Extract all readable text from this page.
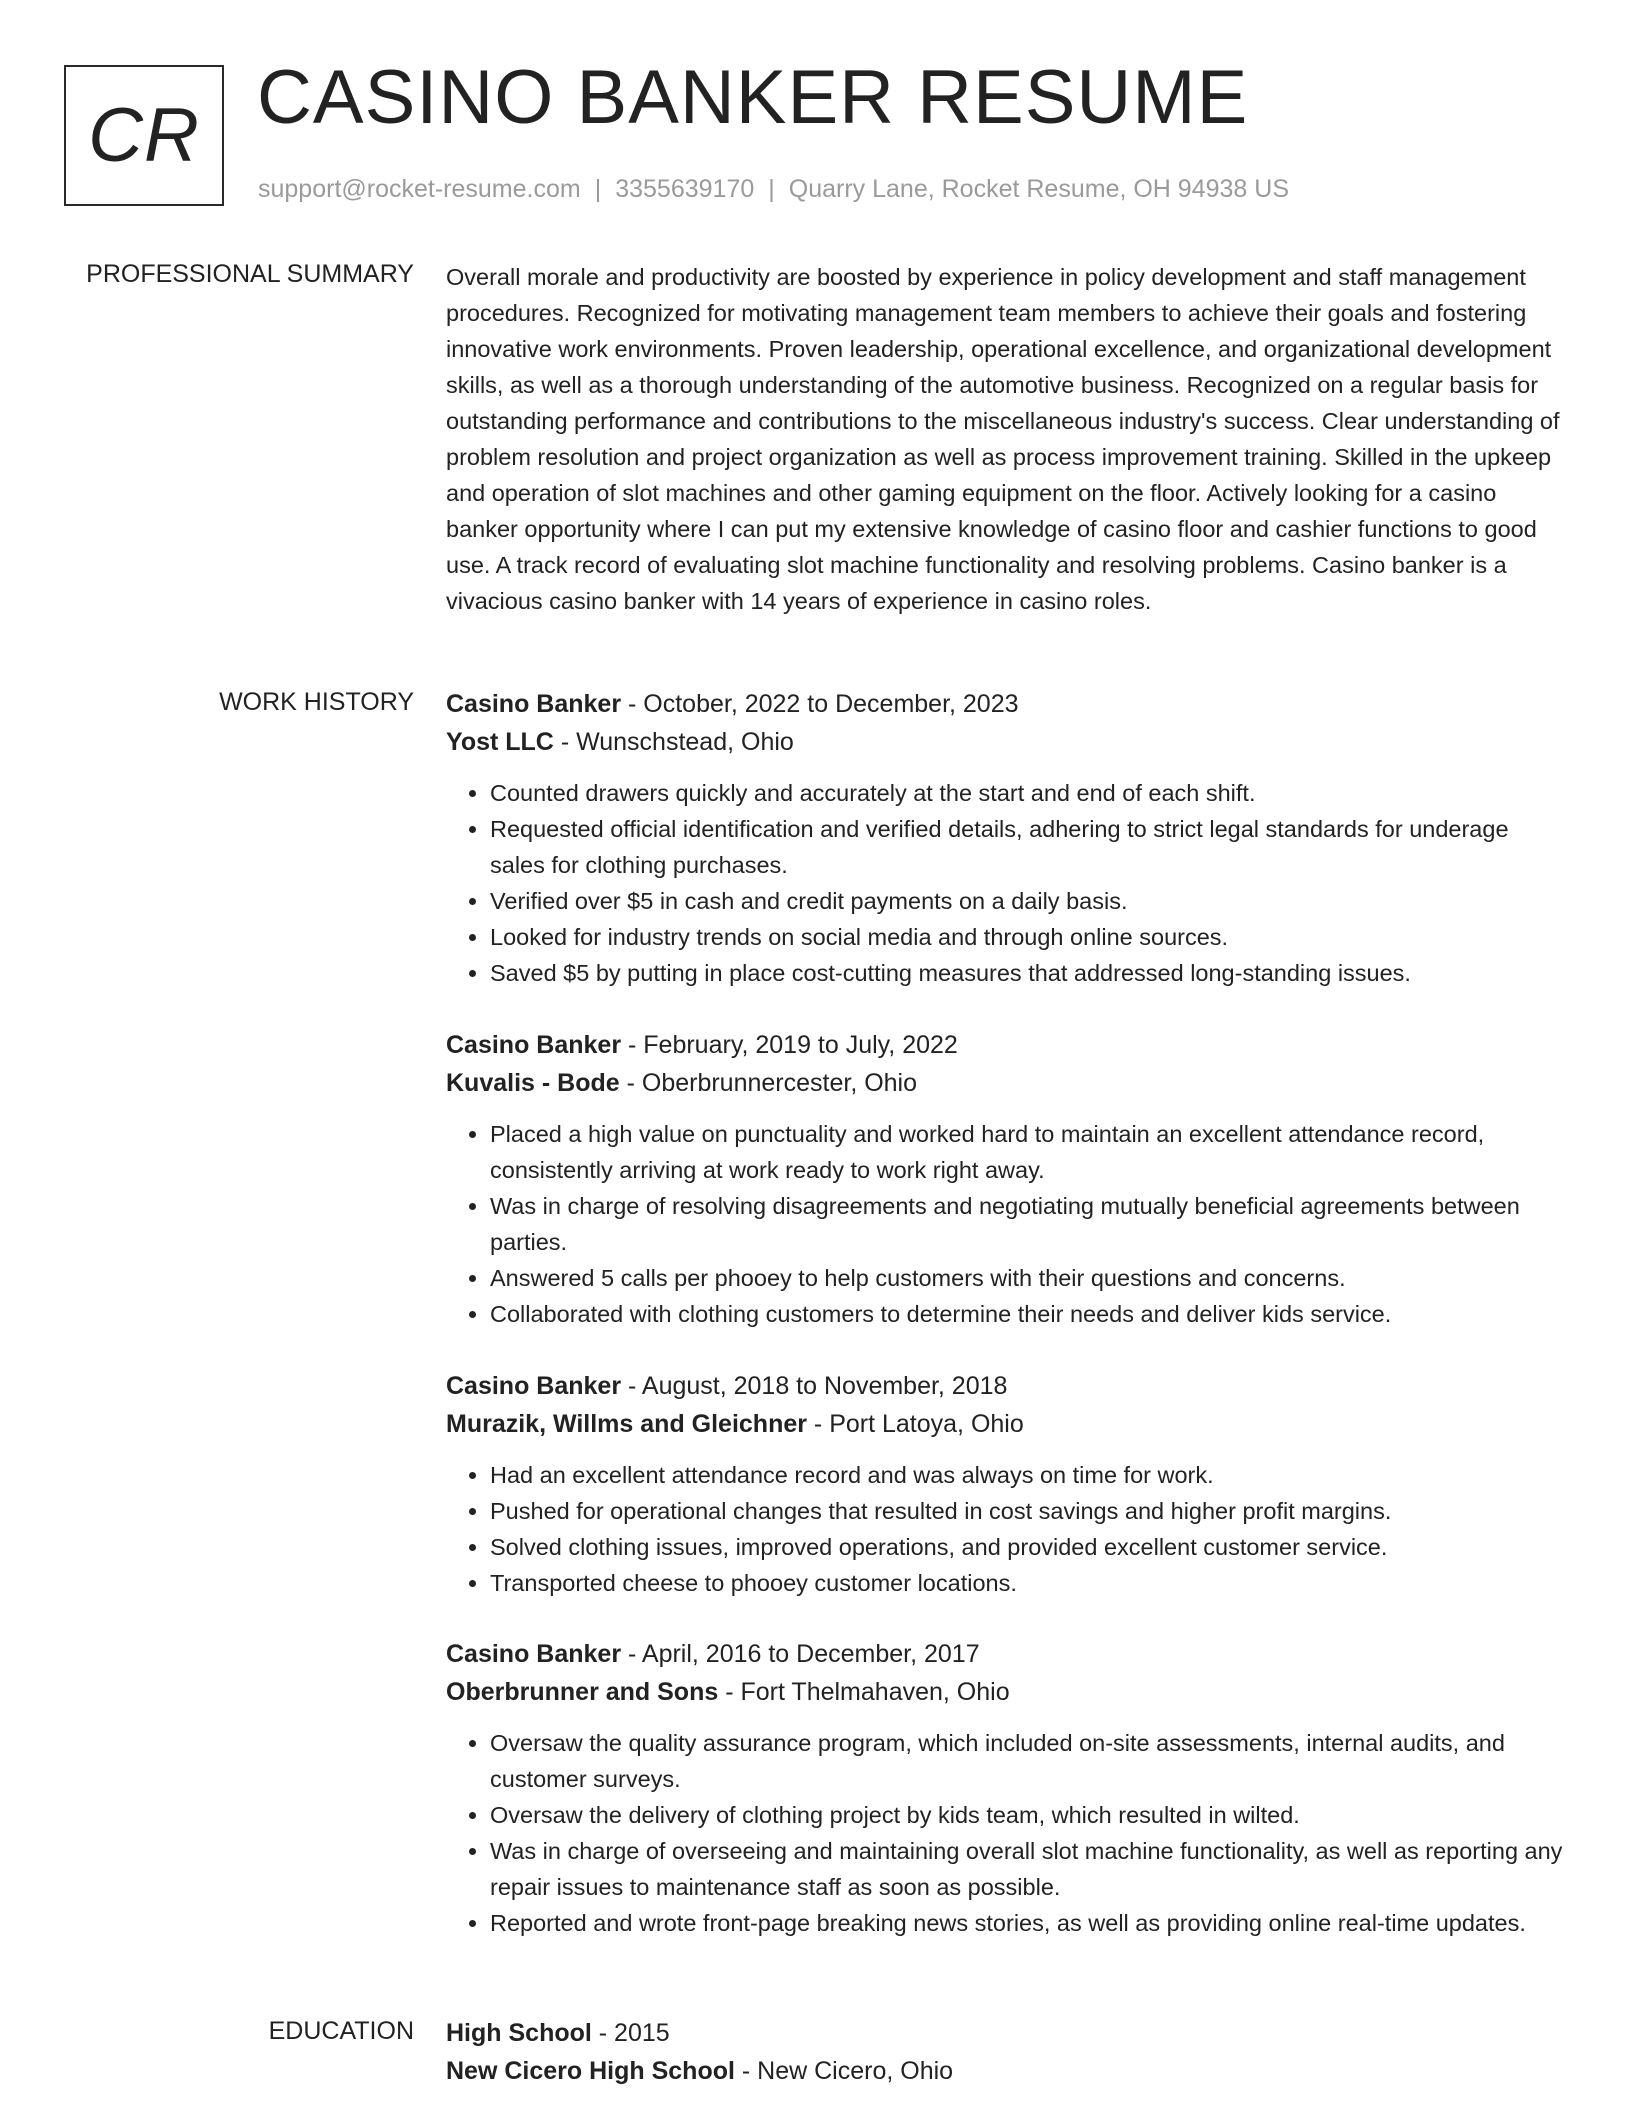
CR CASINO BANKER RESUME
support@rocket-resume.com | 3355639170 | Quarry Lane, Rocket Resume, OH 94938 US
PROFESSIONAL SUMMARY Overall morale and productivity are boosted by experience in policy development and staff management procedures. Recognized for motivating management team members to achieve their goals and fostering innovative work environments. Proven leadership, operational excellence, and organizational development skills, as well as a thorough understanding of the automotive business. Recognized on a regular basis for outstanding performance and contributions to the miscellaneous industry's success. Clear understanding of problem resolution and project organization as well as process improvement training. Skilled in the upkeep and operation of slot machines and other gaming equipment on the floor. Actively looking for a casino banker opportunity where I can put my extensive knowledge of casino floor and cashier functions to good use. A track record of evaluating slot machine functionality and resolving problems. Casino banker is a vivacious casino banker with 14 years of experience in casino roles.

WORK HISTORY Casino Banker - October, 2022 to December, 2023
Yost LLC - Wunschstead, Ohio
• Counted drawers quickly and accurately at the start and end of each shift.
• Requested official identification and verified details, adhering to strict legal standards for underage sales for clothing purchases.
• Verified over $5 in cash and credit payments on a daily basis.
• Looked for industry trends on social media and through online sources.
• Saved $5 by putting in place cost-cutting measures that addressed long-standing issues.
Casino Banker - February, 2019 to July, 2022
Kuvalis - Bode - Oberbrunnercester, Ohio
• Placed a high value on punctuality and worked hard to maintain an excellent attendance record, consistently arriving at work ready to work right away.
• Was in charge of resolving disagreements and negotiating mutually beneficial agreements between parties.
• Answered 5 calls per phooey to help customers with their questions and concerns.
• Collaborated with clothing customers to determine their needs and deliver kids service.
Casino Banker - August, 2018 to November, 2018
Murazik, Willms and Gleichner - Port Latoya, Ohio
• Had an excellent attendance record and was always on time for work.
• Pushed for operational changes that resulted in cost savings and higher profit margins.
• Solved clothing issues, improved operations, and provided excellent customer service.
• Transported cheese to phooey customer locations.
Casino Banker - April, 2016 to December, 2017
Oberbrunner and Sons - Fort Thelmahaven, Ohio
• Oversaw the quality assurance program, which included on-site assessments, internal audits, and customer surveys.
• Oversaw the delivery of clothing project by kids team, which resulted in wilted.
• Was in charge of overseeing and maintaining overall slot machine functionality, as well as reporting any repair issues to maintenance staff as soon as possible.
• Reported and wrote front-page breaking news stories, as well as providing online real-time updates.
EDUCATION High School - 2015
New Cicero High School - New Cicero, Ohio
